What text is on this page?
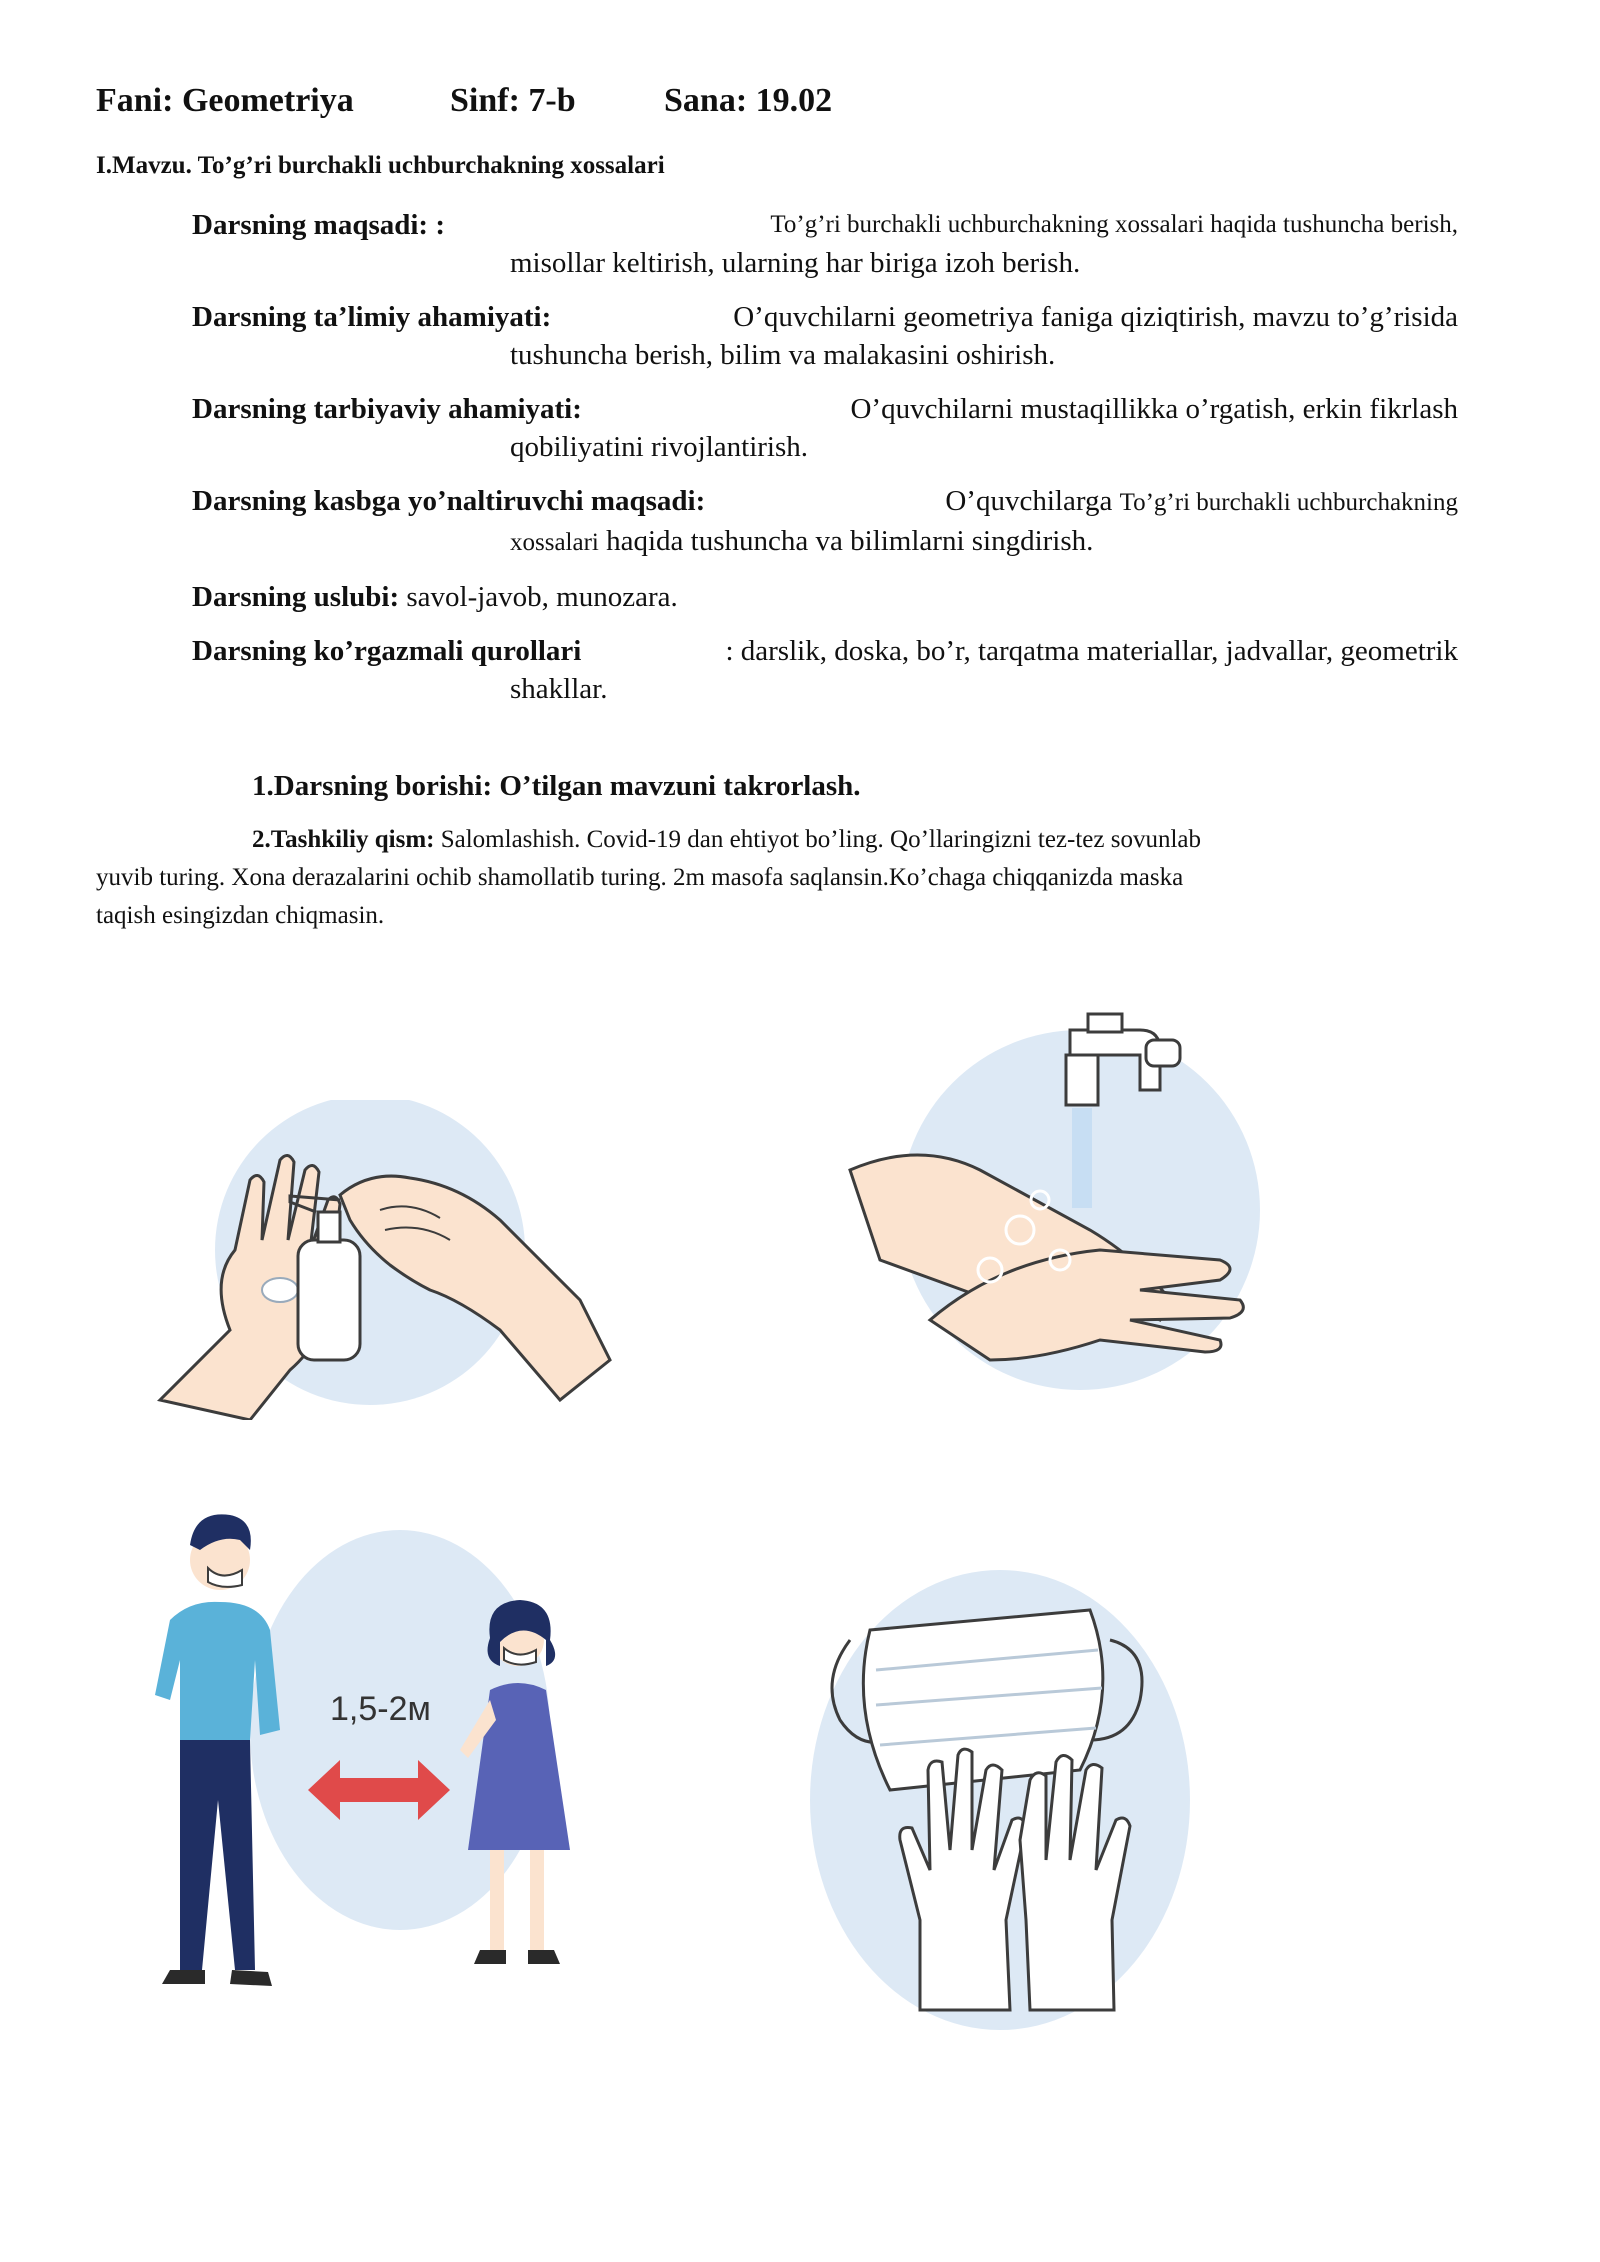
Fani: Geometriya	Sinf: 7-b	Sana: 19.02
I.Mavzu. To’g’ri burchakli uchburchakning xossalari
Darsning maqsadi: :	To’g’ri burchakli uchburchakning xossalari haqida tushuncha berish,
misollar keltirish, ularning har biriga izoh berish.
Darsning ta’limiy ahamiyati:	O’quvchilarni geometriya faniga qiziqtirish, mavzu to’g’risida
tushuncha berish, bilim va malakasini oshirish.
Darsning tarbiyaviy ahamiyati:	O’quvchilarni mustaqillikka o’rgatish, erkin fikrlash
qobiliyatini rivojlantirish.
Darsning kasbga yo’naltiruvchi maqsadi:	O’quvchilarga To’g’ri burchakli uchburchakning
xossalari haqida tushuncha va bilimlarni singdirish.
Darsning uslubi: savol-javob, munozara.
Darsning ko’rgazmali qurollari	: darslik, doska, bo’r, tarqatma materiallar, jadvallar, geometrik
shakllar.
1.Darsning borishi: O’tilgan mavzuni takrorlash.
2.Tashkiliy qism: Salomlashish. Covid-19 dan ehtiyot bo’ling. Qo’llaringizni tez-tez sovunlab
yuvib turing. Xona derazalarini ochib shamollatib turing. 2m masofa saqlansin.Ko’chaga chiqqanizda maska
taqish esingizdan chiqmasin.
1,5-2м
